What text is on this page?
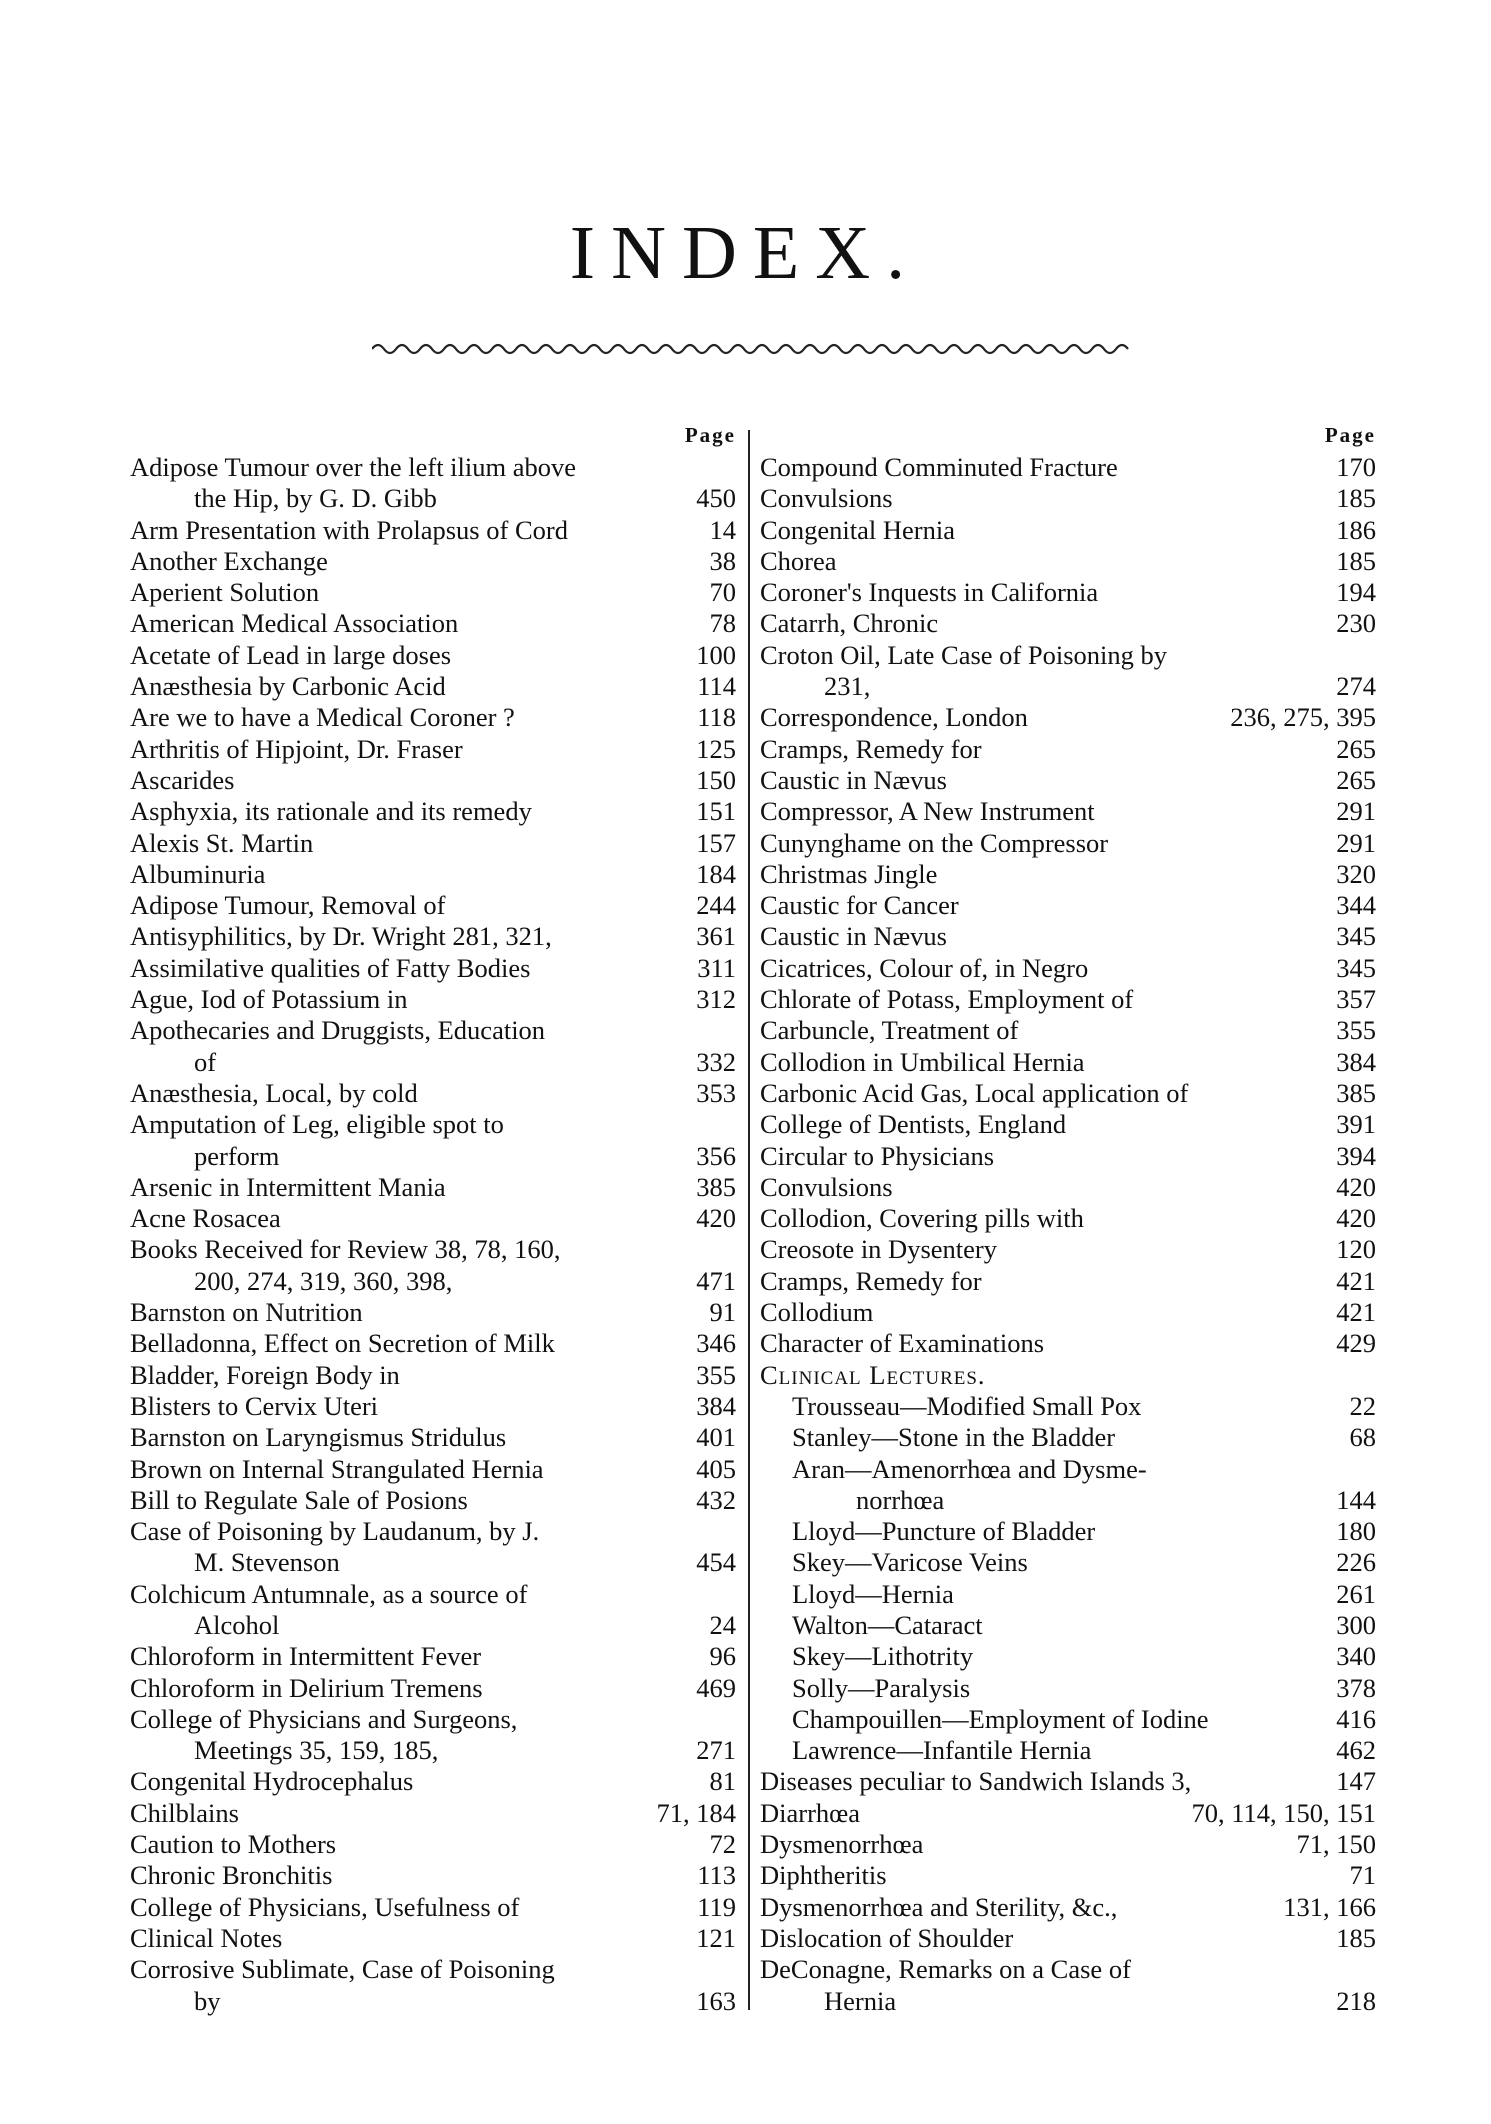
INDEX.
Page
Adipose Tumour over the left ilium above
the Hip, by G. D. Gibb	450
Arm Presentation with Prolapsus of Cord	14
Another Exchange	38
Aperient Solution	70
American Medical Association	78
Acetate of Lead in large doses	100
Anæsthesia by Carbonic Acid	114
Are we to have a Medical Coroner ?	118
Arthritis of Hipjoint, Dr. Fraser	125
Ascarides	150
Asphyxia, its rationale and its remedy	151
Alexis St. Martin	157
Albuminuria	184
Adipose Tumour, Removal of	244
Antisyphilitics, by Dr. Wright 281, 321,	361
Assimilative qualities of Fatty Bodies	311
Ague, Iod of Potassium in	312
Apothecaries and Druggists, Education
of	332
Anæsthesia, Local, by cold	353
Amputation of Leg, eligible spot to
perform	356
Arsenic in Intermittent Mania	385
Acne Rosacea	420
Books Received for Review 38, 78, 160,
200, 274, 319, 360, 398,	471
Barnston on Nutrition	91
Belladonna, Effect on Secretion of Milk	346
Bladder, Foreign Body in	355
Blisters to Cervix Uteri	384
Barnston on Laryngismus Stridulus	401
Brown on Internal Strangulated Hernia	405
Bill to Regulate Sale of Posions	432
Case of Poisoning by Laudanum, by J.
M. Stevenson	454
Colchicum Antumnale, as a source of
Alcohol	24
Chloroform in Intermittent Fever	96
Chloroform in Delirium Tremens	469
College of Physicians and Surgeons,
Meetings 35, 159, 185,	271
Congenital Hydrocephalus	81
Chilblains	71, 184
Caution to Mothers	72
Chronic Bronchitis	113
College of Physicians, Usefulness of	119
Clinical Notes	121
Corrosive Sublimate, Case of Poisoning
by	163
Page
Compound Comminuted Fracture	170
Convulsions	185
Congenital Hernia	186
Chorea	185
Coroner's Inquests in California	194
Catarrh, Chronic	230
Croton Oil, Late Case of Poisoning by
231,	274
Correspondence, London	236, 275, 395
Cramps, Remedy for	265
Caustic in Nævus	265
Compressor, A New Instrument	291
Cunynghame on the Compressor	291
Christmas Jingle	320
Caustic for Cancer	344
Caustic in Nævus	345
Cicatrices, Colour of, in Negro	345
Chlorate of Potass, Employment of	357
Carbuncle, Treatment of	355
Collodion in Umbilical Hernia	384
Carbonic Acid Gas, Local application of	385
College of Dentists, England	391
Circular to Physicians	394
Convulsions	420
Collodion, Covering pills with	420
Creosote in Dysentery	120
Cramps, Remedy for	421
Collodium	421
Character of Examinations	429
Clinical Lectures.
Trousseau—Modified Small Pox	22
Stanley—Stone in the Bladder	68
Aran—Amenorrhœa and Dysme-
norrhœa	144
Lloyd—Puncture of Bladder	180
Skey—Varicose Veins	226
Lloyd—Hernia	261
Walton—Cataract	300
Skey—Lithotrity	340
Solly—Paralysis	378
Champouillen—Employment of Iodine	416
Lawrence—Infantile Hernia	462
Diseases peculiar to Sandwich Islands 3,	147
Diarrhœa	70, 114, 150, 151
Dysmenorrhœa	71, 150
Diphtheritis	71
Dysmenorrhœa and Sterility, &c.,	131, 166
Dislocation of Shoulder	185
DeConagne, Remarks on a Case of
Hernia	218
